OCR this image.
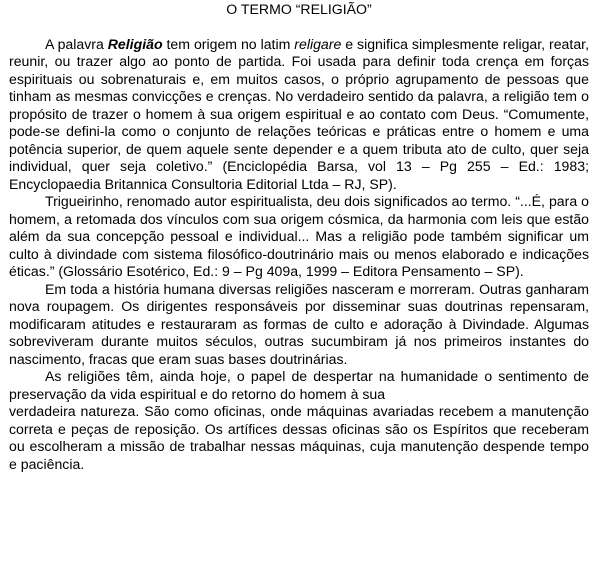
O TERMO “RELIGIÃO”

A palavra Religião tem origem no latim religare e significa simplesmente religar, reatar, reunir, ou trazer algo ao ponto de partida. Foi usada para definir toda crença em forças espirituais ou sobrenaturais e, em muitos casos, o próprio agrupamento de pessoas que tinham as mesmas convicções e crenças. No verdadeiro sentido da palavra, a religião tem o propósito de trazer o homem à sua origem espiritual e ao contato com Deus. “Comumente, pode-se defini-la como o conjunto de relações teóricas e práticas entre o homem e uma potência superior, de quem aquele sente depender e a quem tributa ato de culto, quer seja individual, quer seja coletivo.” (Enciclopédia Barsa, vol 13 – Pg 255 – Ed.: 1983; Encyclopaedia Britannica Consultoria Editorial Ltda – RJ, SP).

Trigueirinho, renomado autor espiritualista, deu dois significados ao termo. “...É, para o homem, a retomada dos vínculos com sua origem cósmica, da harmonia com leis que estão além da sua concepção pessoal e individual... Mas a religião pode também significar um culto à divindade com sistema filosófico-doutrinário mais ou menos elaborado e indicações éticas.” (Glossário Esotérico, Ed.: 9 – Pg 409a, 1999 – Editora Pensamento – SP).

Em toda a história humana diversas religiões nasceram e morreram. Outras ganharam nova roupagem. Os dirigentes responsáveis por disseminar suas doutrinas repensaram, modificaram atitudes e restauraram as formas de culto e adoração à Divindade. Algumas sobreviveram durante muitos séculos, outras sucumbiram já nos primeiros instantes do nascimento, fracas que eram suas bases doutrinárias.

As religiões têm, ainda hoje, o papel de despertar na humanidade o sentimento de preservação da vida espiritual e do retorno do homem à sua

verdadeira natureza. São como oficinas, onde máquinas avariadas recebem a manutenção correta e peças de reposição. Os artífices dessas oficinas são os Espíritos que receberam ou escolheram a missão de trabalhar nessas máquinas, cuja manutenção despende tempo e paciência.
